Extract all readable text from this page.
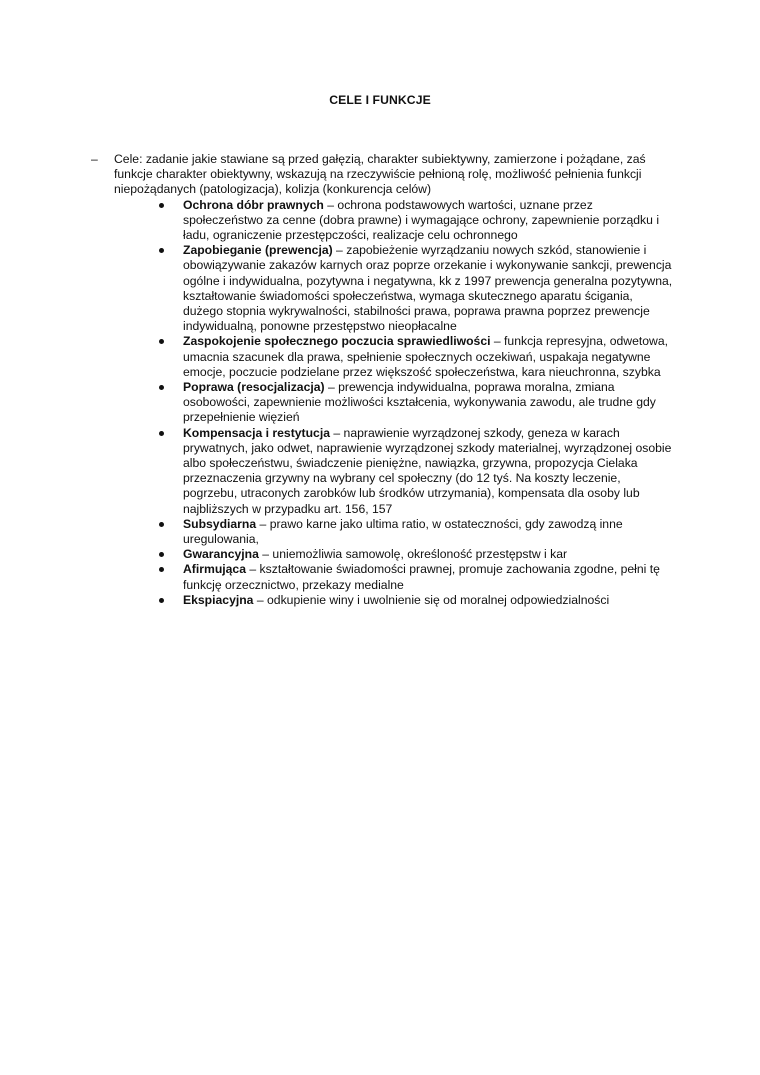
CELE I FUNKCJE
– Cele: zadanie jakie stawiane są przed gałęzią, charakter subiektywny, zamierzone i pożądane, zaś funkcje charakter obiektywny, wskazują na rzeczywiście pełnioną rolę, możliwość pełnienia funkcji niepożądanych (patologizacja), kolizja (konkurencja celów)
Ochrona dóbr prawnych – ochrona podstawowych wartości, uznane przez społeczeństwo za cenne (dobra prawne) i wymagające ochrony, zapewnienie porządku i ładu, ograniczenie przestępczości, realizacje celu ochronnego
Zapobieganie (prewencja) – zapobieżenie wyrządzaniu nowych szkód, stanowienie i obowiązywanie zakazów karnych oraz poprze orzekanie i wykonywanie sankcji, prewencja ogólne i indywidualna, pozytywna i negatywna, kk z 1997 prewencja generalna pozytywna, kształtowanie świadomości społeczeństwa, wymaga skutecznego aparatu ścigania, dużego stopnia wykrywalności, stabilności prawa, poprawa prawna poprzez prewencje indywidualną, ponowne przestępstwo nieopłacalne
Zaspokojenie społecznego poczucia sprawiedliwości – funkcja represyjna, odwetowa, umacnia szacunek dla prawa, spełnienie społecznych oczekiwań, uspakaja negatywne emocje, poczucie podzielane przez większość społeczeństwa, kara nieuchronna, szybka
Poprawa (resocjalizacja) – prewencja indywidualna, poprawa moralna, zmiana osobowości, zapewnienie możliwości kształcenia, wykonywania zawodu, ale trudne gdy przepełnienie więzień
Kompensacja i restytucja – naprawienie wyrządzonej szkody, geneza w karach prywatnych, jako odwet, naprawienie wyrządzonej szkody materialnej, wyrządzonej osobie albo społeczeństwu, świadczenie pieniężne, nawiązka, grzywna, propozycja Cielaka przeznaczenia grzywny na wybrany cel społeczny (do 12 tyś. Na koszty leczenie, pogrzebu, utraconych zarobków lub środków utrzymania), kompensata dla osoby lub najbliższych w przypadku art. 156, 157
Subsydiarna – prawo karne jako ultima ratio, w ostateczności, gdy zawodzą inne uregulowania,
Gwarancyjna – uniemożliwia samowolę, określoność przestępstw i kar
Afirmująca – kształtowanie świadomości prawnej, promuje zachowania zgodne, pełni tę funkcję orzecznictwo, przekazy medialne
Ekspiacyjna – odkupienie winy i uwolnienie się od moralnej odpowiedzialności
